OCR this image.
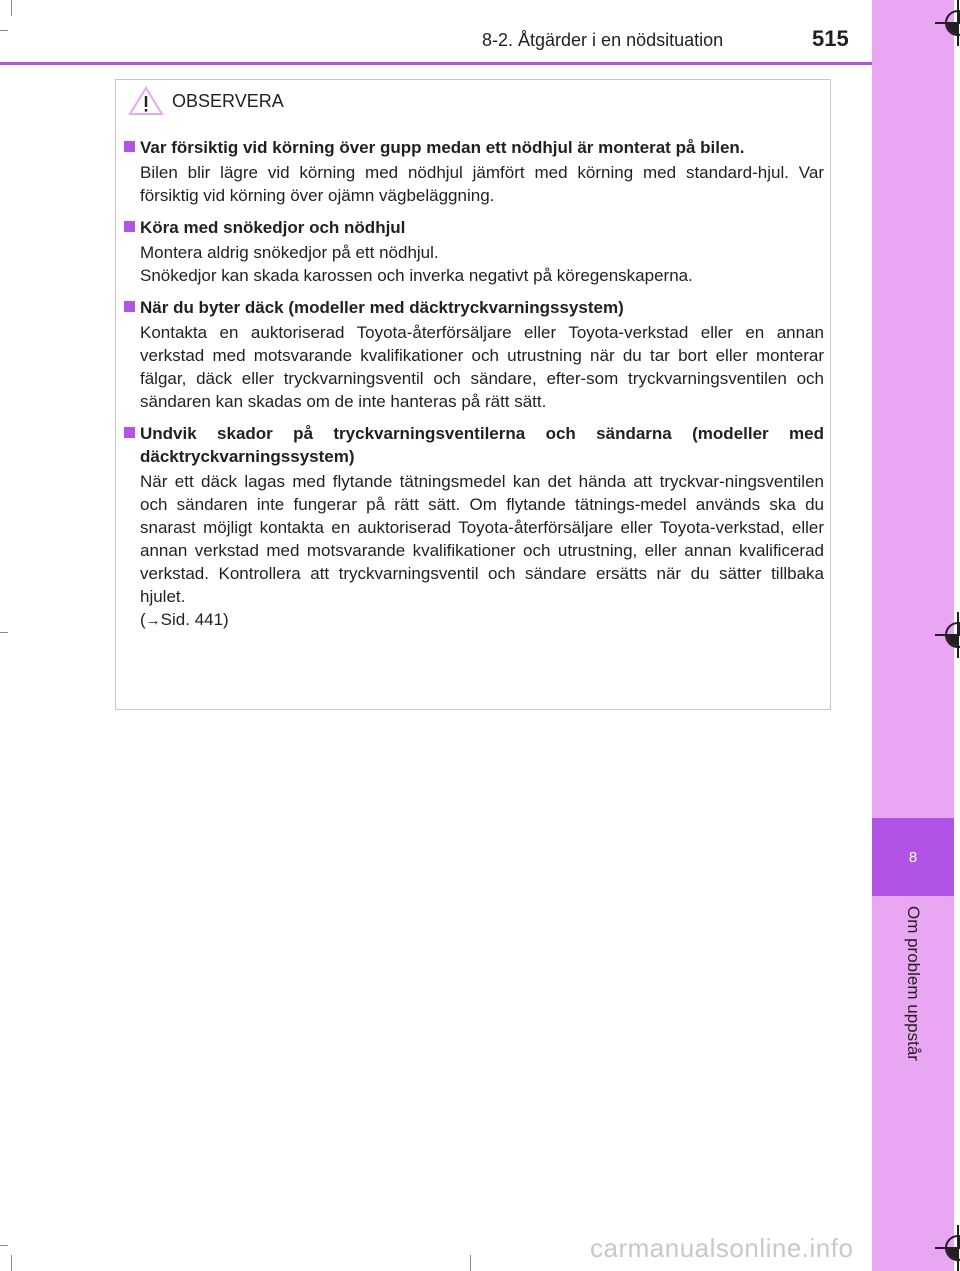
8
Om problem uppstår
8-2. Åtgärder i en nödsituation	515
OBSERVERA
Var försiktig vid körning över gupp medan ett nödhjul är monterat på bilen.

Bilen blir lägre vid körning med nödhjul jämfört med körning med standard-hjul. Var försiktig vid körning över ojämn vägbeläggning.

Köra med snökedjor och nödhjul

Montera aldrig snökedjor på ett nödhjul.

Snökedjor kan skada karossen och inverka negativt på köregenskaperna.

När du byter däck (modeller med däcktryckvarningssystem)

Kontakta en auktoriserad Toyota-återförsäljare eller Toyota-verkstad eller en annan verkstad med motsvarande kvalifikationer och utrustning när du tar bort eller monterar fälgar, däck eller tryckvarningsventil och sändare, efter-som tryckvarningsventilen och sändaren kan skadas om de inte hanteras på rätt sätt.

Undvik skador på tryckvarningsventilerna och sändarna (modeller med däcktryckvarningssystem)

När ett däck lagas med flytande tätningsmedel kan det hända att tryckvar-ningsventilen och sändaren inte fungerar på rätt sätt. Om flytande tätnings-medel används ska du snarast möjligt kontakta en auktoriserad Toyota-återförsäljare eller Toyota-verkstad, eller annan verkstad med motsvarande kvalifikationer och utrustning, eller annan kvalificerad verkstad. Kontrollera att tryckvarningsventil och sändare ersätts när du sätter tillbaka hjulet.

(→Sid. 441)

carmanualsonline.info
